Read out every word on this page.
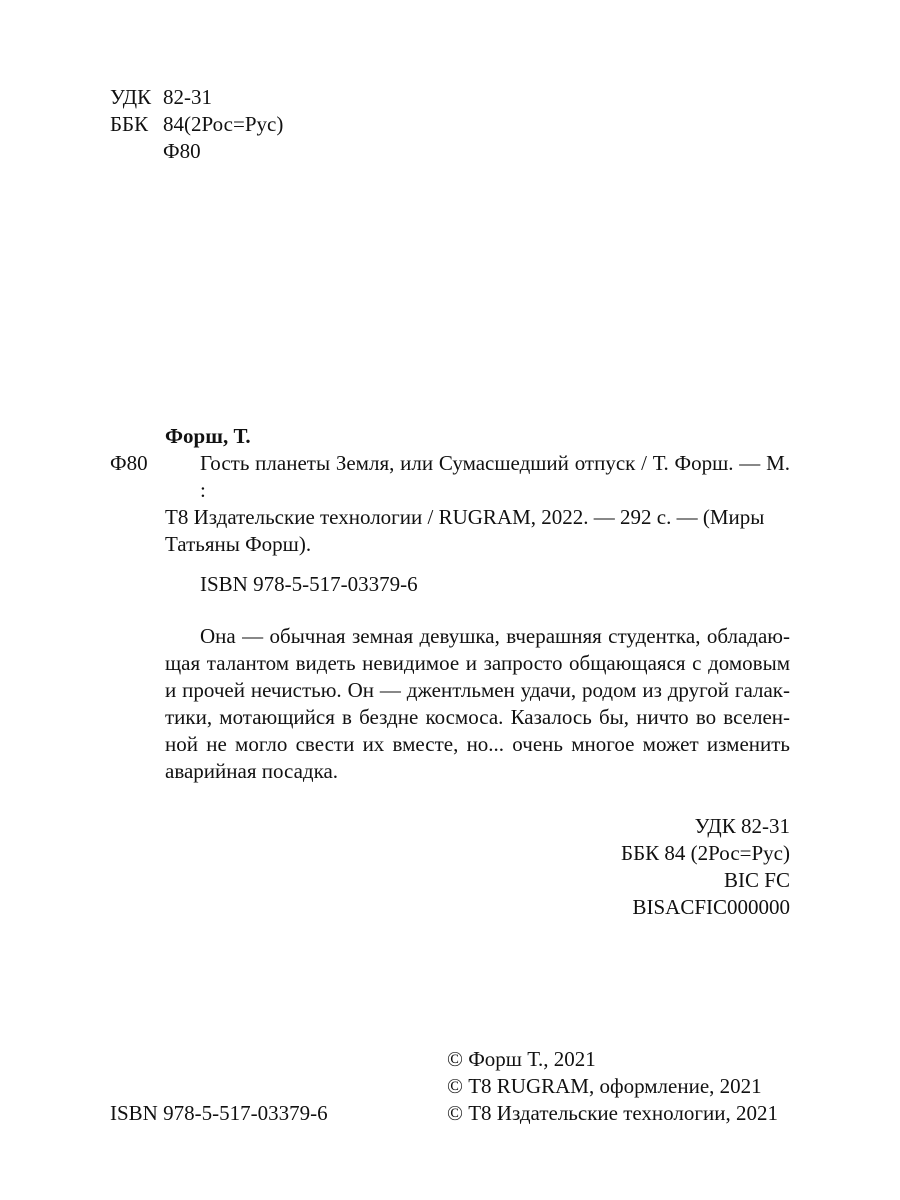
УДК 82-31
ББК 84(2Рос=Рус)
Ф80
Форш, Т.
Ф80 Гость планеты Земля, или Сумасшедший отпуск / Т. Форш. — М. :
Т8 Издательские технологии / RUGRAM, 2022. — 292 с. — (Миры
Татьяны Форш).
ISBN 978-5-517-03379-6
Она — обычная земная девушка, вчерашняя студентка, обладаю-
щая талантом видеть невидимое и запросто общающаяся с домовым
и прочей нечистью. Он — джентльмен удачи, родом из другой галак-
тики, мотающийся в бездне космоса. Казалось бы, ничто во вселен-
ной не могло свести их вместе, но... очень многое может изменить
аварийная посадка.
УДК 82-31
ББК 84 (2Рос=Рус)
BIC FC
BISACFIC000000
© Форш Т., 2021
© Т8 RUGRAM, оформление, 2021
© Т8 Издательские технологии, 2021
ISBN 978-5-517-03379-6
